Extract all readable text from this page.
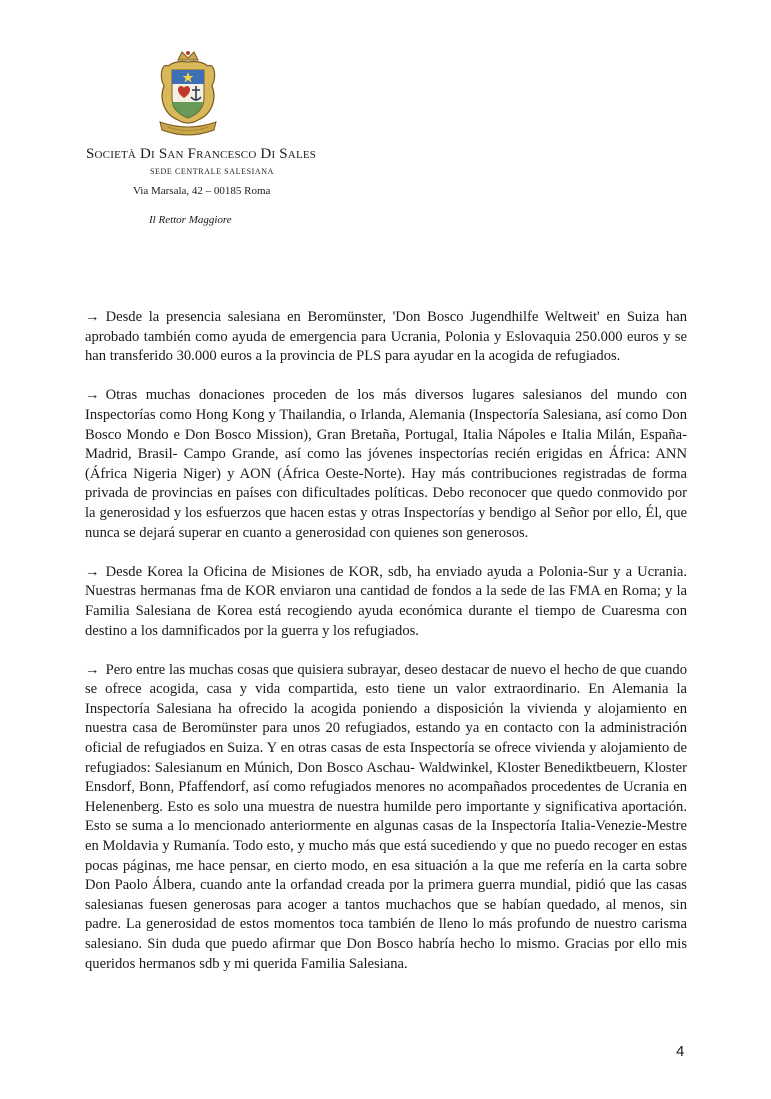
Società Di San Francesco Di Sales
SEDE CENTRALE SALESIANA
Via Marsala, 42 – 00185 Roma
Il Rettor Maggiore

→ Desde la presencia salesiana en Beromünster, 'Don Bosco Jugendhilfe Weltweit' en Suiza han aprobado también como ayuda de emergencia para Ucrania, Polonia y Eslovaquia 250.000 euros y se han transferido 30.000 euros a la provincia de PLS para ayudar en la acogida de refugiados.

→ Otras muchas donaciones proceden de los más diversos lugares salesianos del mundo con Inspectorías como Hong Kong y Thailandia, o Irlanda, Alemania (Inspectoría Salesiana, así como Don Bosco Mondo e Don Bosco Mission), Gran Bretaña, Portugal, Italia Nápoles e Italia Milán, España-Madrid, Brasil- Campo Grande, así como las jóvenes inspectorías recién erigidas en África: ANN (África Nigeria Niger) y AON (África Oeste-Norte). Hay más contribuciones registradas de forma privada de provincias en países con dificultades políticas. Debo reconocer que quedo conmovido por la generosidad y los esfuerzos que hacen estas y otras Inspectorías y bendigo al Señor por ello, Él, que nunca se dejará superar en cuanto a generosidad con quienes son generosos.

→ Desde Korea la Oficina de Misiones de KOR, sdb, ha enviado ayuda a Polonia-Sur y a Ucrania. Nuestras hermanas fma de KOR enviaron una cantidad de fondos a la sede de las FMA en Roma; y la Familia Salesiana de Korea está recogiendo ayuda económica durante el tiempo de Cuaresma con destino a los damnificados por la guerra y los refugiados.

→ Pero entre las muchas cosas que quisiera subrayar, deseo destacar de nuevo el hecho de que cuando se ofrece acogida, casa y vida compartida, esto tiene un valor extraordinario. En Alemania la Inspectoría Salesiana ha ofrecido la acogida poniendo a disposición la vivienda y alojamiento en nuestra casa de Beromünster para unos 20 refugiados, estando ya en contacto con la administración oficial de refugiados en Suiza. Y en otras casas de esta Inspectoría se ofrece vivienda y alojamiento de refugiados: Salesianum en Múnich, Don Bosco Aschau- Waldwinkel, Kloster Benediktbeuern, Kloster Ensdorf, Bonn, Pfaffendorf, así como refugiados menores no acompañados procedentes de Ucrania en Helenenberg. Esto es solo una muestra de nuestra humilde pero importante y significativa aportación. Esto se suma a lo mencionado anteriormente en algunas casas de la Inspectoría Italia-Venezie-Mestre en Moldavia y Rumanía. Todo esto, y mucho más que está sucediendo y que no puedo recoger en estas pocas páginas, me hace pensar, en cierto modo, en esa situación a la que me refería en la carta sobre Don Paolo Álbera, cuando ante la orfandad creada por la primera guerra mundial, pidió que las casas salesianas fuesen generosas para acoger a tantos muchachos que se habían quedado, al menos, sin padre. La generosidad de estos momentos toca también de lleno lo más profundo de nuestro carisma salesiano. Sin duda que puedo afirmar que Don Bosco habría hecho lo mismo. Gracias por ello mis queridos hermanos sdb y mi querida Familia Salesiana.

4
